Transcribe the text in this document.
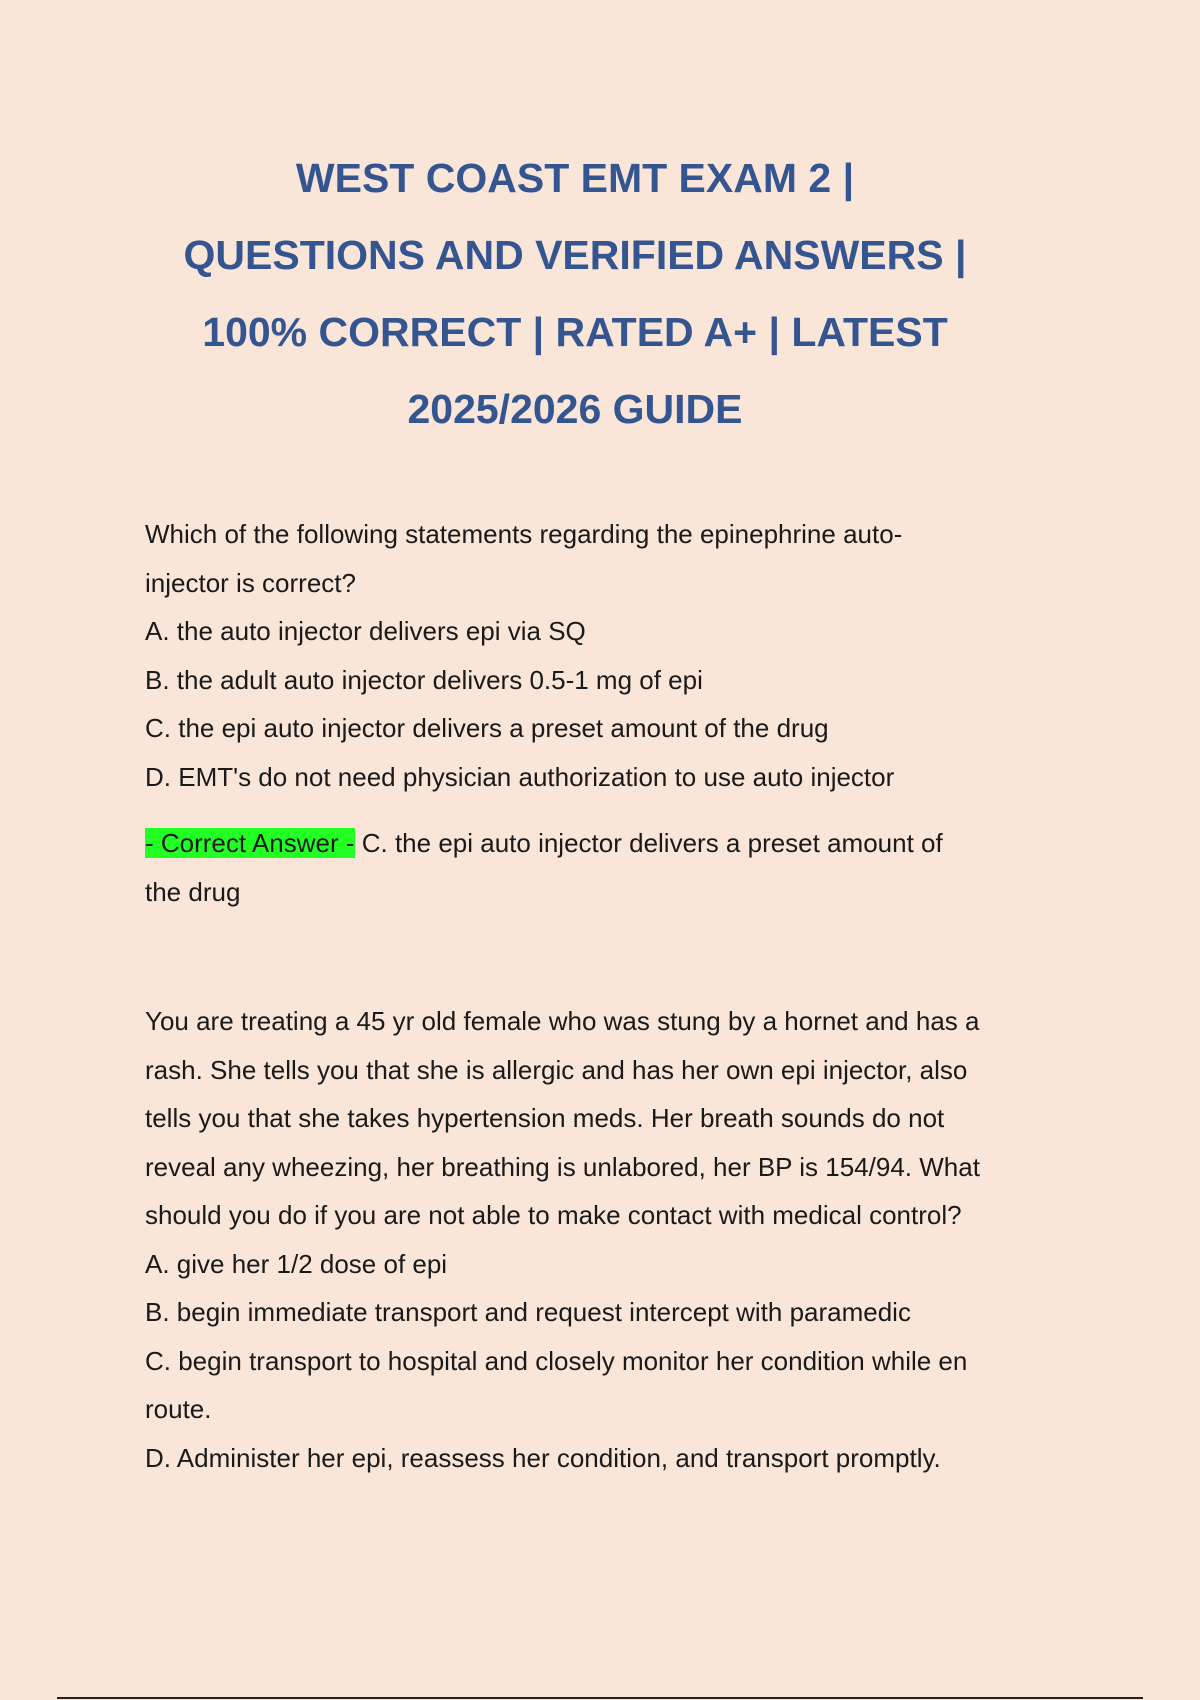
WEST COAST EMT EXAM 2 |
QUESTIONS AND VERIFIED ANSWERS |
100% CORRECT | RATED A+ | LATEST
2025/2026 GUIDE
Which of the following statements regarding the epinephrine auto-
injector is correct?
A. the auto injector delivers epi via SQ
B. the adult auto injector delivers 0.5-1 mg of epi
C. the epi auto injector delivers a preset amount of the drug
D. EMT's do not need physician authorization to use auto injector
- Correct Answer - C. the epi auto injector delivers a preset amount of
the drug
You are treating a 45 yr old female who was stung by a hornet and has a
rash. She tells you that she is allergic and has her own epi injector, also
tells you that she takes hypertension meds. Her breath sounds do not
reveal any wheezing, her breathing is unlabored, her BP is 154/94. What
should you do if you are not able to make contact with medical control?
A. give her 1/2 dose of epi
B. begin immediate transport and request intercept with paramedic
C. begin transport to hospital and closely monitor her condition while en
route.
D. Administer her epi, reassess her condition, and transport promptly.
